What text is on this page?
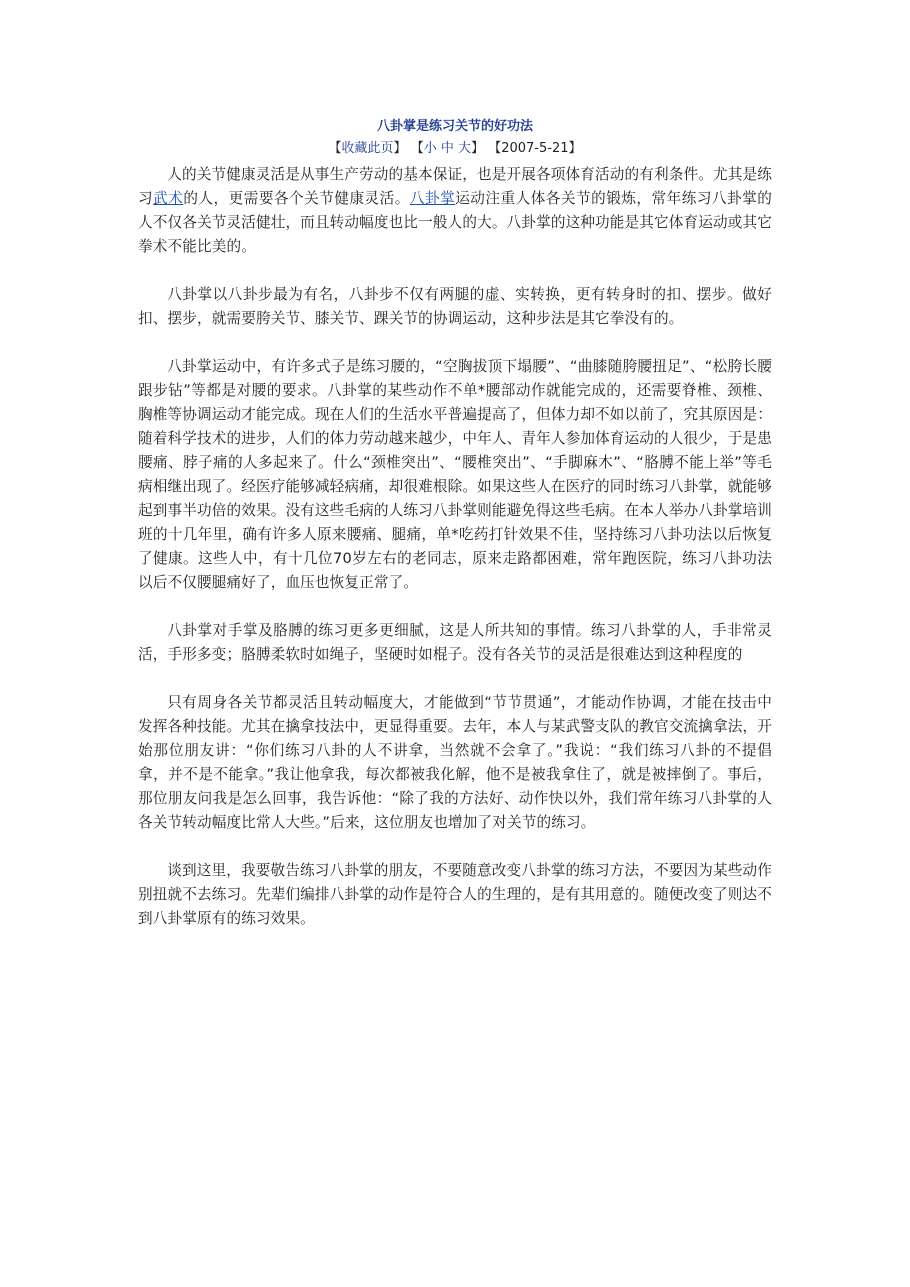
八卦掌是练习关节的好功法
【收藏此页】 【小 中 大】 【2007-5-21】

人的关节健康灵活是从事生产劳动的基本保证，也是开展各项体育活动的有利条件。尤其是练习武术的人，更需要各个关节健康灵活。八卦掌运动注重人体各关节的锻炼，常年练习八卦掌的人不仅各关节灵活健壮，而且转动幅度也比一般人的大。八卦掌的这种功能是其它体育运动或其它拳术不能比美的。

八卦掌以八卦步最为有名，八卦步不仅有两腿的虚、实转换，更有转身时的扣、摆步。做好扣、摆步，就需要胯关节、膝关节、踝关节的协调运动，这种步法是其它拳没有的。

八卦掌运动中，有许多式子是练习腰的，“空胸拔顶下塌腰”、“曲膝随胯腰扭足”、“松胯长腰跟步钻”等都是对腰的要求。八卦掌的某些动作不单*腰部动作就能完成的，还需要脊椎、颈椎、胸椎等协调运动才能完成。现在人们的生活水平普遍提高了，但体力却不如以前了，究其原因是：随着科学技术的进步，人们的体力劳动越来越少，中年人、青年人参加体育运动的人很少，于是患腰痛、脖子痛的人多起来了。什么“颈椎突出”、“腰椎突出”、“手脚麻木”、“胳膊不能上举”等毛病相继出现了。经医疗能够减轻病痛，却很难根除。如果这些人在医疗的同时练习八卦掌，就能够起到事半功倍的效果。没有这些毛病的人练习八卦掌则能避免得这些毛病。在本人举办八卦掌培训班的十几年里，确有许多人原来腰痛、腿痛，单*吃药打针效果不佳，坚持练习八卦功法以后恢复了健康。这些人中，有十几位70岁左右的老同志，原来走路都困难，常年跑医院，练习八卦功法以后不仅腰腿痛好了，血压也恢复正常了。

八卦掌对手掌及胳膊的练习更多更细腻，这是人所共知的事情。练习八卦掌的人，手非常灵活，手形多变；胳膊柔软时如绳子，坚硬时如棍子。没有各关节的灵活是很难达到这种程度的

只有周身各关节都灵活且转动幅度大，才能做到“节节贯通”，才能动作协调，才能在技击中发挥各种技能。尤其在擒拿技法中，更显得重要。去年，本人与某武警支队的教官交流擒拿法，开始那位朋友讲：“你们练习八卦的人不讲拿，当然就不会拿了。”我说：“我们练习八卦的不提倡拿，并不是不能拿。”我让他拿我，每次都被我化解，他不是被我拿住了，就是被摔倒了。事后，那位朋友问我是怎么回事，我告诉他：“除了我的方法好、动作快以外，我们常年练习八卦掌的人各关节转动幅度比常人大些。”后来，这位朋友也增加了对关节的练习。

谈到这里，我要敬告练习八卦掌的朋友，不要随意改变八卦掌的练习方法，不要因为某些动作别扭就不去练习。先辈们编排八卦掌的动作是符合人的生理的，是有其用意的。随便改变了则达不到八卦掌原有的练习效果。
